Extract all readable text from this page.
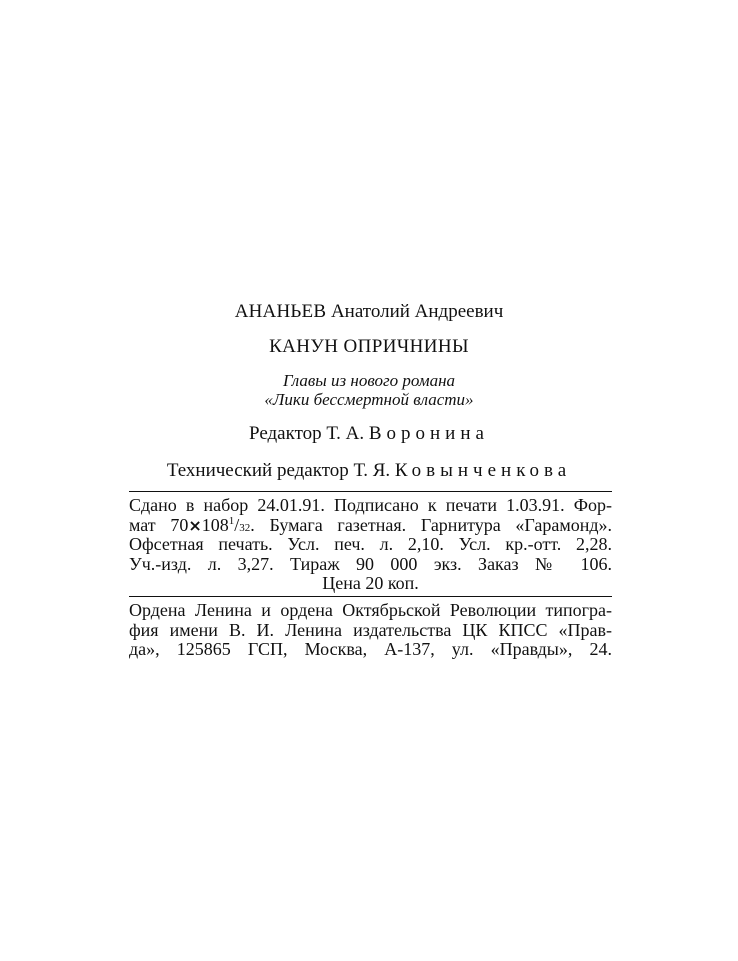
АНАНЬЕВ Анатолий Андреевич
КАНУН ОПРИЧНИНЫ
Главы из нового романа
«Лики бессмертной власти»
Редактор Т. А. Воронина
Технический редактор Т. Я. Ковынченкова
Сдано в набор 24.01.91. Подписано к печати 1.03.91. Фор-
мат $70\times 108^1/32$. Бумага газетная. Гарнитура «Гарамонд».
Офсетная печать. Усл. печ. л. 2,10. Усл. кр.-отт. 2,28.
Уч.-изд. л. 3,27. Тираж 90 000 экз. Заказ № 106.
Цена 20 коп.
Ордена Ленина и ордена Октябрьской Революции типогра-
фия имени В. И. Ленина издательства ЦК КПСС «Прав-
да», 125865 ГСП, Москва, А-137, ул. «Правды», 24.
